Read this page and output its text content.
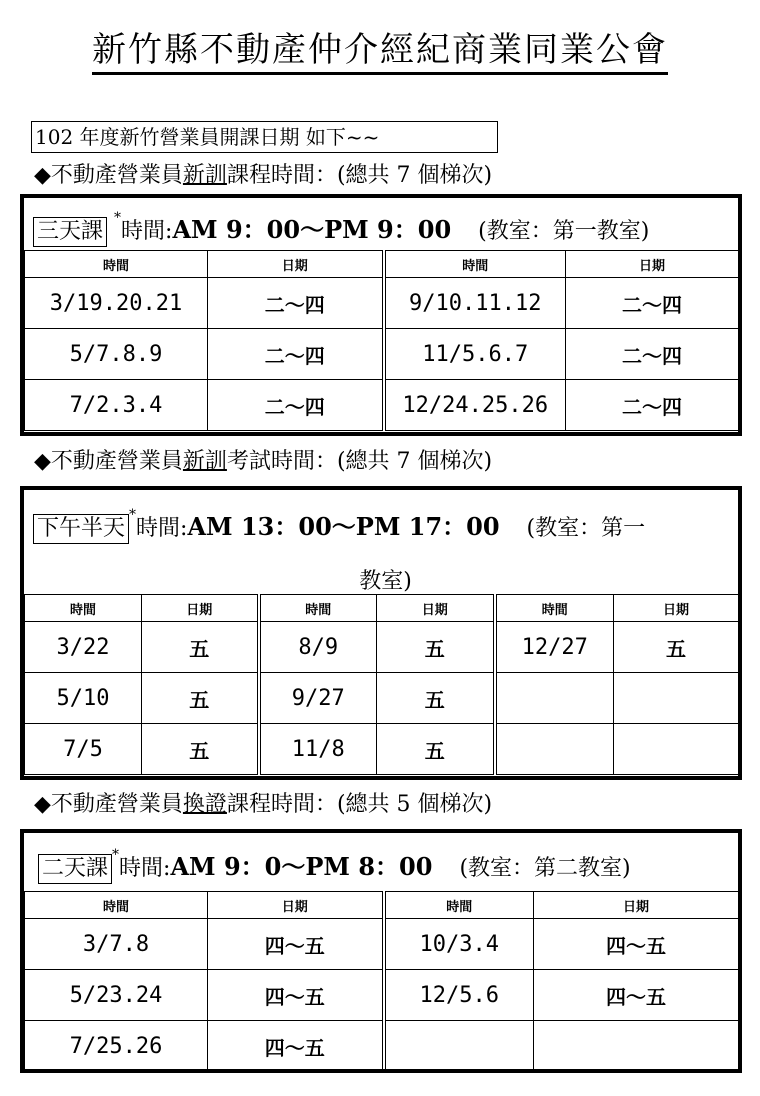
新竹縣不動產仲介經紀商業同業公會
102 年度新竹營業員開課日期 如下~~
◆不動產營業員新訓課程時間：(總共 7 個梯次)
三天課 *時間:AM 9：00～PM 9：00 (教室：第一教室)
時間	日期	時間	日期
3/19.20.21	二～四	9/10.11.12	二～四
5/7.8.9	二～四	11/5.6.7	二～四
7/2.3.4	二～四	12/24.25.26	二～四
◆不動產營業員新訓考試時間：(總共 7 個梯次)
下午半天*時間:AM 13：00～PM 17：00 (教室：第一
教室)
時間	日期	時間	日期	時間	日期
3/22	五	8/9	五	12/27	五
5/10	五	9/27	五		
7/5	五	11/8	五		
◆不動產營業員換證課程時間：(總共 5 個梯次)
二天課*時間:AM 9：0～PM 8：00 (教室：第二教室)
時間	日期	時間	日期
3/7.8	四～五	10/3.4	四～五
5/23.24	四～五	12/5.6	四～五
7/25.26	四～五		
